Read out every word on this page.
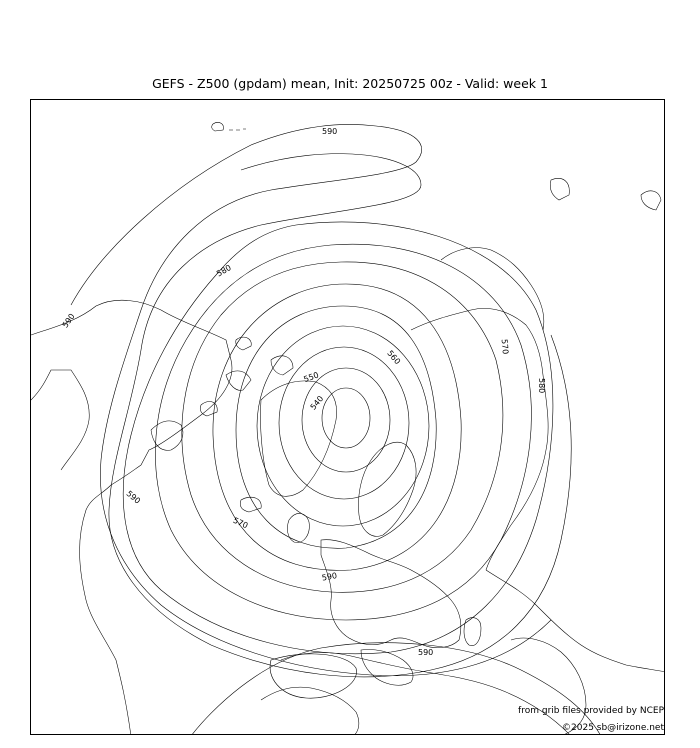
GEFS - Z500 (gpdam) mean, Init: 20250725 00z - Valid: week 1
590
590
580
590
570
580
560
550
540
570
590
590
from grib files provided by NCEP
©2025 sb@irizone.net
